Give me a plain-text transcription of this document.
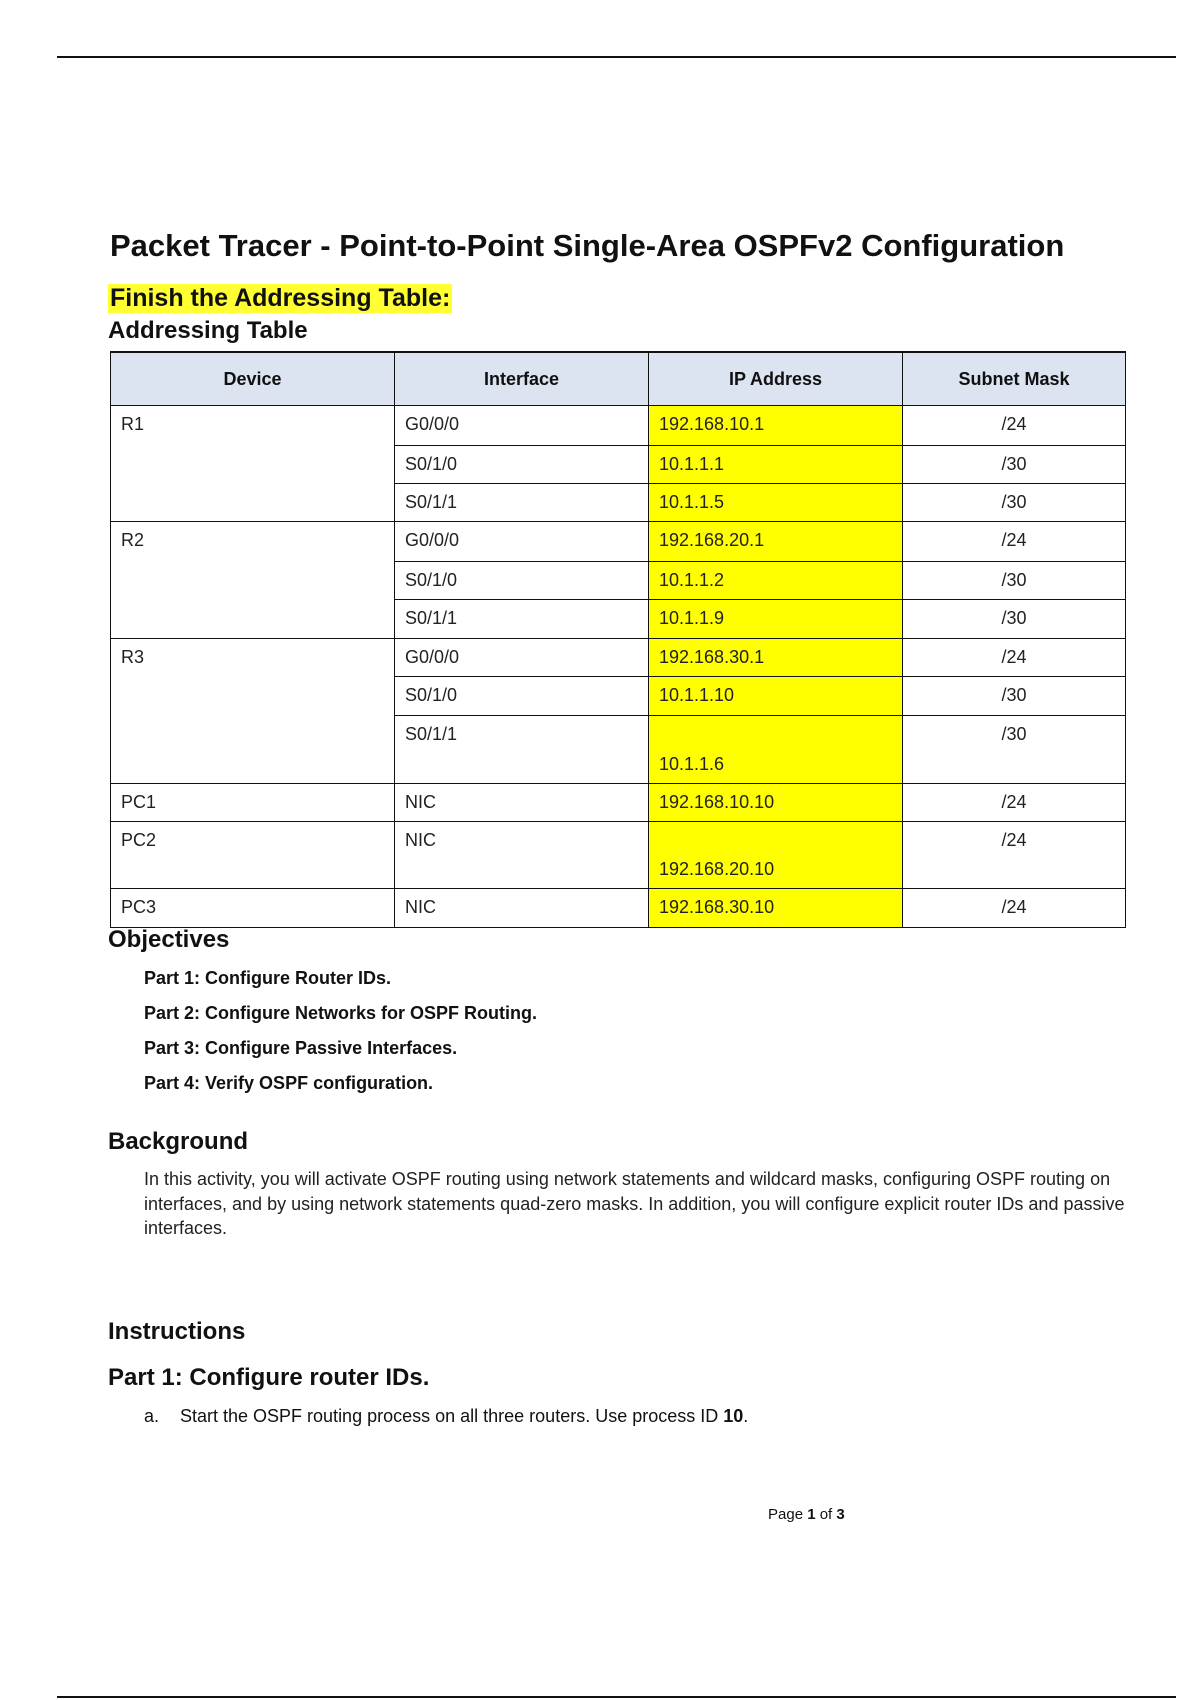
Packet Tracer - Point-to-Point Single-Area OSPFv2 Configuration
Finish the Addressing Table:
Addressing Table
Device	Interface	IP Address	Subnet Mask

R1	G0/0/0	192.168.10.1	/24

	S0/1/0	10.1.1.1	/30

	S0/1/1	10.1.1.5	/30

R2	G0/0/0	192.168.20.1	/24

	S0/1/0	10.1.1.2	/30

	S0/1/1	10.1.1.9	/30

R3	G0/0/0	192.168.30.1	/24

	S0/1/0	10.1.1.10	/30

	S0/1/1	10.1.1.6	/30

PC1	NIC	192.168.10.10	/24

PC2	NIC	192.168.20.10	/24

PC3	NIC	192.168.30.10	/24
Objectives
Part 1: Configure Router IDs.
Part 2: Configure Networks for OSPF Routing.
Part 3: Configure Passive Interfaces.
Part 4: Verify OSPF configuration.
Background
In this activity, you will activate OSPF routing using network statements and wildcard masks, configuring OSPF routing on interfaces, and by using network statements quad-zero masks. In addition, you will configure explicit router IDs and passive interfaces.
Instructions
Part 1: Configure router IDs.
a. Start the OSPF routing process on all three routers. Use process ID 10.
Page 1 of 3
